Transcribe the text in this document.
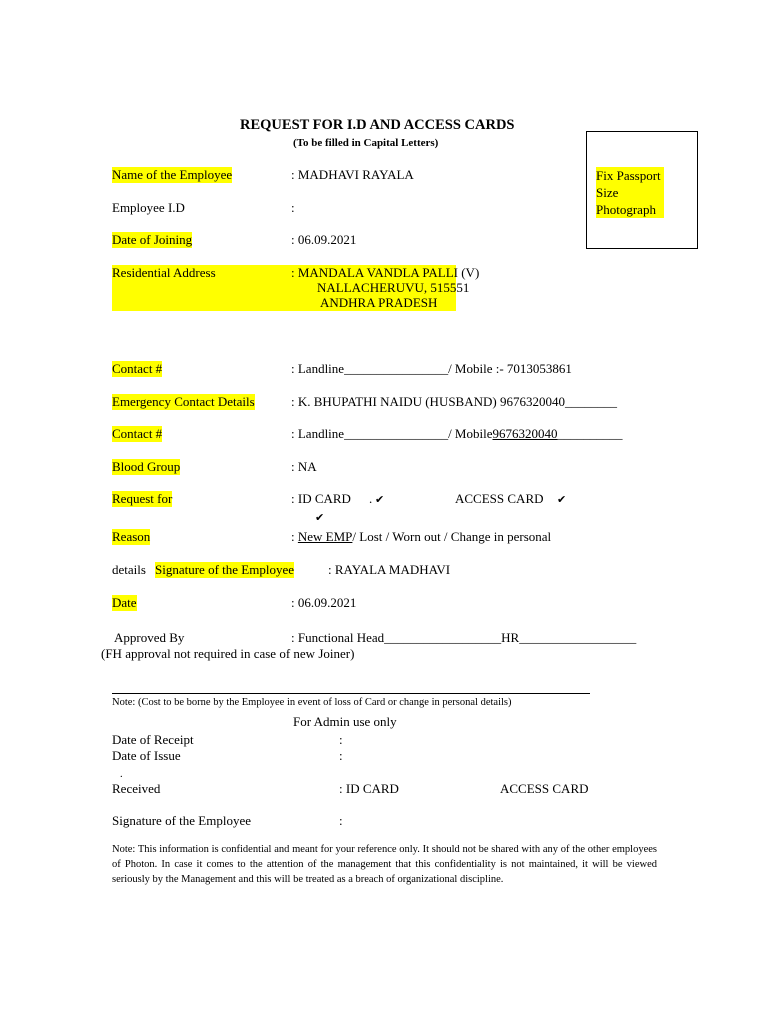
REQUEST FOR I.D AND ACCESS CARDS
(To be filled in Capital Letters)
Fix Passport
Size
Photograph
Name of the Employee	: MADHAVI RAYALA
Employee I.D	:
Date of Joining	: 06.09.2021
Residential Address	: MANDALA VANDLA PALLI (V)
NALLACHERUVU, 515551
ANDHRA PRADESH
Contact #	: Landline________________/ Mobile :- 7013053861
Emergency Contact Details	: K. BHUPATHI NAIDU (HUSBAND) 9676320040________
Contact #	: Landline________________/ Mobile9676320040__________
Blood Group	: NA
Request for	: ID CARD . ✔	ACCESS CARD ✔
✔
Reason	: New EMP/ Lost / Worn out / Change in personal
details Signature of the Employee	: RAYALA MADHAVI
Date	: 06.09.2021
Approved By	: Functional Head__________________HR__________________
(FH approval not required in case of new Joiner)
Note: (Cost to be borne by the Employee in event of loss of Card or change in personal details)
For Admin use only
Date of Receipt	:
Date of Issue	:
.
Received	: ID CARD	ACCESS CARD
Signature of the Employee	:
Note: This information is confidential and meant for your reference only. It should not be shared with any of the other employees of Photon. In case it comes to the attention of the management that this confidentiality is not maintained, it will be viewed seriously by the Management and this will be treated as a breach of organizational discipline.
